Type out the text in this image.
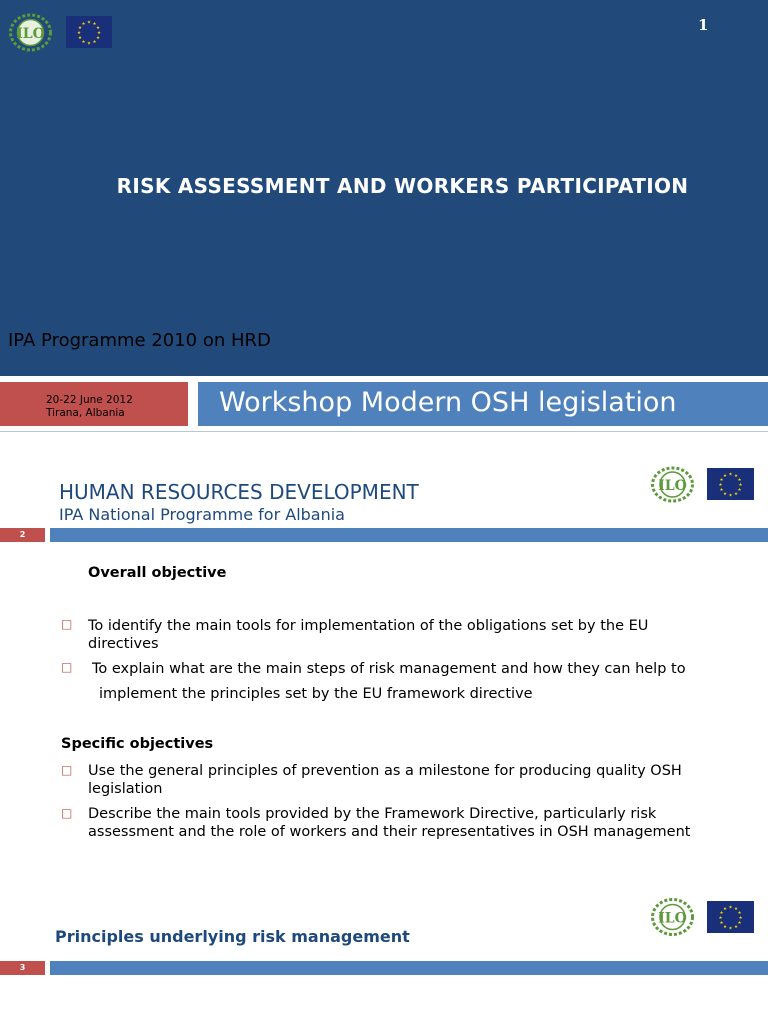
ILO
★ ★
★
★
★
★
★
★
★
★
★
★	1
RISK ASSESSMENT AND WORKERS PARTICIPATION
IPA Programme 2010 on HRD
20-22 June 2012
Tirana, Albania	Workshop Modern OSH legislation
HUMAN RESOURCES DEVELOPMENT
IPA National Programme for Albania
ILO
★ ★
★
★
★
★
★
★
★
★
★
★
2
Overall objective
□ To identify the main tools for implementation of the obligations set by the EU directives
□ To explain what are the main steps of risk management and how they can help to
implement the principles set by the EU framework directive
Specific objectives
□ Use the general principles of prevention as a milestone for producing quality OSH legislation
□ Describe the main tools provided by the Framework Directive, particularly risk assessment and the role of workers and their representatives in OSH management
ILO
★ ★
★
★
★
★
★
★
★
★
★
★
Principles underlying risk management
3
